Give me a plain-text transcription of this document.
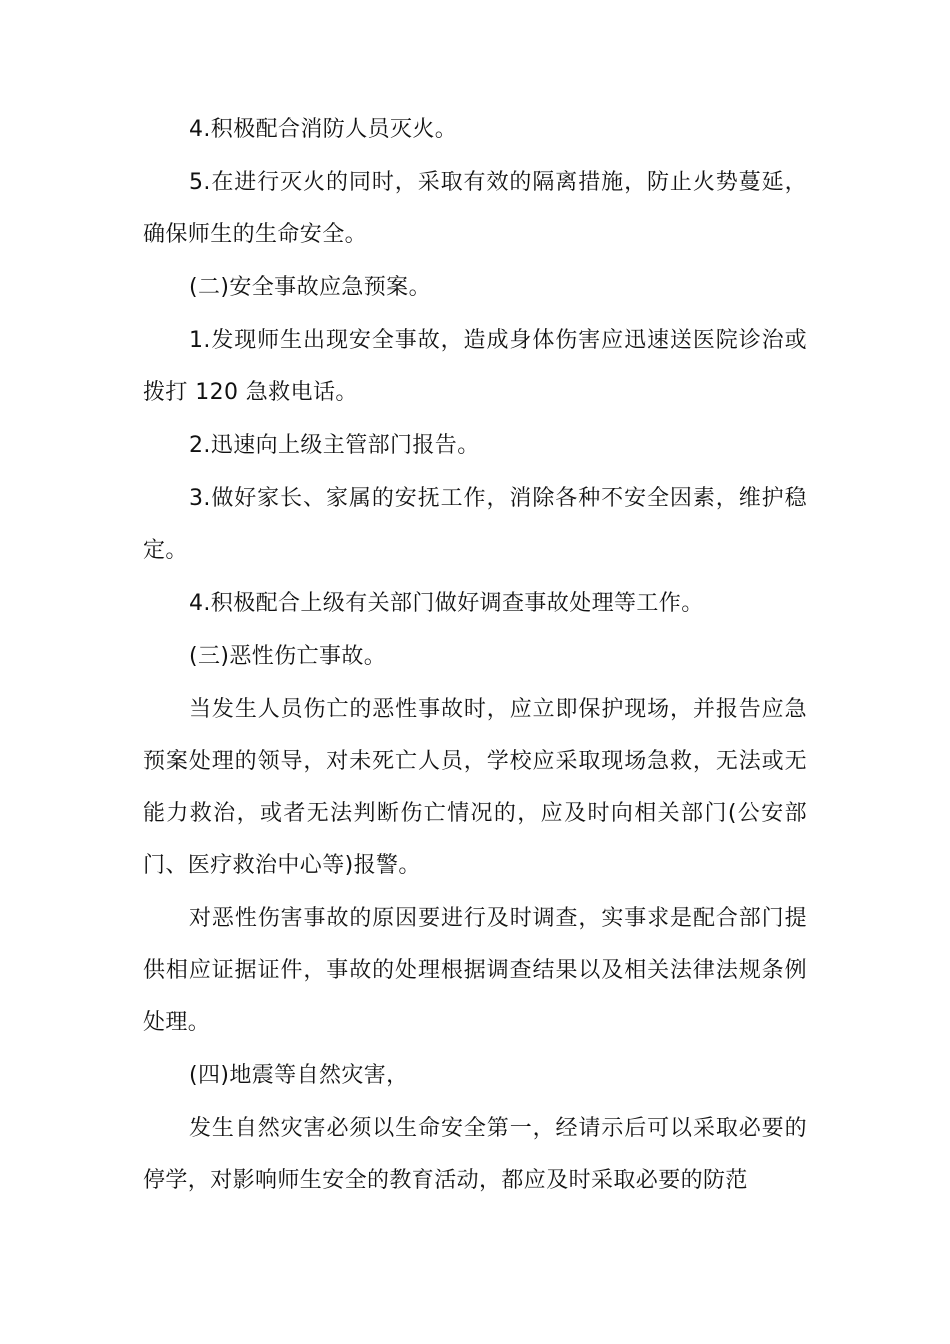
4.积极配合消防人员灭火。

5.在进行灭火的同时，采取有效的隔离措施，防止火势蔓延，确保师生的生命安全。

(二)安全事故应急预案。

1.发现师生出现安全事故，造成身体伤害应迅速送医院诊治或拨打 120 急救电话。

2.迅速向上级主管部门报告。

3.做好家长、家属的安抚工作，消除各种不安全因素，维护稳定。

4.积极配合上级有关部门做好调查事故处理等工作。

(三)恶性伤亡事故。

当发生人员伤亡的恶性事故时，应立即保护现场，并报告应急预案处理的领导，对未死亡人员，学校应采取现场急救，无法或无能力救治，或者无法判断伤亡情况的，应及时向相关部门(公安部门、医疗救治中心等)报警。

对恶性伤害事故的原因要进行及时调查，实事求是配合部门提供相应证据证件，事故的处理根据调查结果以及相关法律法规条例处理。

(四)地震等自然灾害，

发生自然灾害必须以生命安全第一，经请示后可以采取必要的停学，对影响师生安全的教育活动，都应及时采取必要的防范
